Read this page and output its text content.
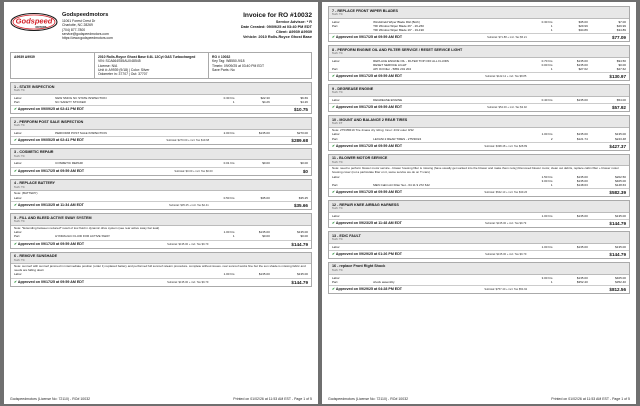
Godspeed
MOTORS
Godspeedmotors
11061 Forest Crest Dr
Charlotte, NC 28269
(704) 877-7800
service@godspeedmotors.com
https://www.godspeedmotors.com
Invoice for RO #10032
Service Advisor: * R
Date Created: 09/09/25 at 03:40 PM EDT
Client: A9939 A9939
Vehicle: 2010 Rolls-Royce Ghost Base
A9939 A9939	2010 Rolls-Royce Ghost Base 6.6L 12Cyl GAS Turbocharged
VIN: SCA664S55AUX48545
License: N/A
Unit #: A9939 (9/18) | Color: Silver
Odometer in: 37707 | Out: 37707
RO # 10032
Key Tag: W8550-9/18
Timein: 09/09/25 at 03:40 PM EDT
Save Parts: No
1 - STATE INSPECTION
Tech: TC
Labor	NEW SMOG NC STATE INSPECTION	0.30 hrs	$22.30	$6.69
Part	NC SAFETY STICKER	1	$4.26	$4.26
✔ Approved on 09/09/25 at 02:41 PM EDT	$10.75
2 - PERFORM POST SALE INSPECTION
Tech: TC
Labor	PERFORM POST SALE INSPECTION	2.00 hrs	$135.00	$270.00
✔ Approved on 09/05/25 at 02:41 PM EDT	Subtotal: $270.00 + incl. Tax $19.68	$289.68
3 - COSMETIC REPAIR
Tech: TC
Labor	COSMETIC REPAIR	0.01 hrs	$0.00	$0.00
✔ Approved on 09/17/25 at 09:59 AM EDT	Subtotal: $0.00 + incl. Tax $0.00	$0
4 - REPLACE BATTERY
Tech: TC
Note: (BATTERY)
Labor	0.50 hrs	$35.00	$35.25
✔ Approved on 09/13/25 at 11:34 AM EDT	Subtotal: $35.25 + incl. Tax $2.41	$35.66
5 - FILL AND BLEED ACTIVE SWAY SYSTEM
Tech: TC
Note: *Extending between reduced* result of low fluid in dynamic drive system (see rear active sway bar leak)
Labor	1.00 hrs	$135.00	$135.00
Part	HYDRAULIC FLUID FOR ACTIVE SWAY	1	$0.00	$0.00
✔ Approved on 09/17/25 at 09:59 AM EDT	Subtotal: $135.00 + incl. Tax $9.79	$144.79
6 - REMOVE SUNSHADE
Tech: TC
Note: sunroof with sunroof jammed in intermediate position (order 1) replaced battery and performed full sunroof relearn procedure. complete without issues. rear sunroof works fine but the sun shade is missing fabric and needs are falling down
Labor	1.00 hrs	$135.00	$135.00
✔ Approved on 09/17/25 at 09:59 AM EDT	Subtotal: $135.00 + incl. Tax $9.79	$144.79
Godspeedmotors (License No: 72110) - RO# 10032	Printed on 01/02/26 at 11:53 AM EST - Page 1 of 5
7 - REPLACE FRONT WIPER BLADES
Tech: TC
Labor	Windshield Wiper Blade R&I (Both)	0.30 hrs	$35.00	$7.00
Part	TRI Window Wiper Blade 26" - 26-260	1	$29.99	$29.99
TRI Window Wiper Blade 19" - 19-190	1	$34.89	$34.89
✔ Approved on 09/17/25 at 09:59 AM EDT	Subtotal: $71.88 + incl. Tax $5.21	$77.09
8 - PERFORM ENGINE OIL AND FILTER SERVICE / RESET SERVICE LIGHT
Tech: TC
Labor	REPLACE ENGINE OIL - FILTER TOP OFF ALL FLUIDS	0.70 hrs	$135.00	$94.50
RESET SERVICE LIGHT	0.00 hrs	$135.00	$0.00
Part	API Oil Filter - 5881 201 204	1	$27.62	$27.62
✔ Approved on 09/17/25 at 09:59 AM EDT	Subtotal: $122.12 + incl. Tax $8.85	$130.97
9 - DEGREASE ENGINE
Tech: TC
Labor	DEGREASE ENGINE	0.40 hrs	$135.00	$54.00
✔ Approved on 09/17/25 at 09:59 AM EDT	Subtotal: $54.00 + incl. Tax $3.92	$57.92
10 - MOUNT AND BALANCE 2 REAR TIRES
Tech: FT
Note: 275/35R19 Tire 4mass dry riding; Inner: 4/32 outer 0/32
Labor	1.00 hrs	$135.00	$135.00
Part	LEXANI 2 REAR TIRES - 275/30/24	2	$121.74	$243.48
✔ Approved on 09/17/25 at 09:59 AM EDT	Subtotal: $398.48 + incl. Tax $28.89	$427.37
11 - BLOWER MOTOR SERVICE
Tech: TC
Note: need to perform blower motor service - blower housing filter is missing (have usually get sucked into the blower and make them noisy) Removed blower motor, clean out debris, replace cabin filter + blower motor housing cover (not a particulate filter on it, same service we do on Ti cars)
Labor	1.50 hrs	$135.00	$202.50
3.00 hrs	$135.00	$405.00
Part	MEN Cabin Air Filter Set - 64 11 9 272 642	1	$148.63	$148.63
✔ Approved on 09/17/25 at 09:59 AM EDT	Subtotal: $542.13 + incl. Tax $39.26	$582.39
12 - REPAIR KNEE AIRBAG HARNESS
Tech: TC
Labor	1.00 hrs	$135.00	$135.00
✔ Approved on 09/23/25 at 11:48 AM EDT	Subtotal: $135.00 + incl. Tax $9.79	$144.79
13 - EDIC FAULT
Tech: TC
Labor	1.00 hrs	$135.00	$135.00
✔ Approved on 09/29/25 at 01:26 PM EDT	Subtotal: $135.00 + incl. Tax $9.79	$144.79
16 - replace Front Right Shock
Tech: TC
Labor	3.00 hrs	$135.00	$405.00
Part	shock assembly	1	$352.40	$352.40
✔ Approved on 09/29/25 at 04:28 PM EDT	Subtotal: $757.40 + incl. Tax $54.92	$812.56
Godspeedmotors (License No: 72110) - RO# 10032	Printed on 01/02/26 at 11:53 AM EST - Page 1 of 5
